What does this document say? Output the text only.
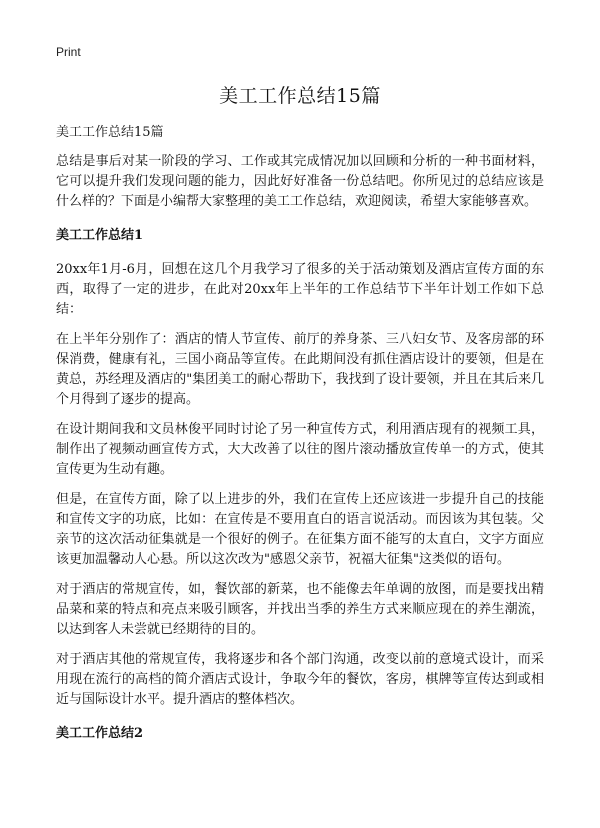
Print

美工工作总结15篇

美工工作总结15篇

总结是事后对某一阶段的学习、工作或其完成情况加以回顾和分析的一种书面材料，它可以提升我们发现问题的能力，因此好好准备一份总结吧。你所见过的总结应该是什么样的？下面是小编帮大家整理的美工工作总结，欢迎阅读，希望大家能够喜欢。

美工工作总结1

20xx年1月-6月，回想在这几个月我学习了很多的关于活动策划及酒店宣传方面的东西，取得了一定的进步，在此对20xx年上半年的工作总结节下半年计划工作如下总结：

在上半年分别作了：酒店的情人节宣传、前厅的养身茶、三八妇女节、及客房部的环保消费，健康有礼，三国小商品等宣传。在此期间没有抓住酒店设计的要领，但是在黄总，苏经理及酒店的"集团美工的耐心帮助下，我找到了设计要领，并且在其后来几个月得到了逐步的提高。

在设计期间我和文员林俊平同时讨论了另一种宣传方式，利用酒店现有的视频工具，制作出了视频动画宣传方式，大大改善了以往的图片滚动播放宣传单一的方式，使其宣传更为生动有趣。

但是，在宣传方面，除了以上进步的外，我们在宣传上还应该进一步提升自己的技能和宣传文字的功底，比如：在宣传是不要用直白的语言说活动。而因该为其包装。父亲节的这次活动征集就是一个很好的例子。在征集方面不能写的太直白，文字方面应该更加温馨动人心悬。所以这次改为"感恩父亲节，祝福大征集"这类似的语句。

对于酒店的常规宣传，如，餐饮部的新菜，也不能像去年单调的放图，而是要找出精品菜和菜的特点和亮点来吸引顾客，并找出当季的养生方式来顺应现在的养生潮流，以达到客人未尝就已经期待的目的。

对于酒店其他的常规宣传，我将逐步和各个部门沟通，改变以前的意境式设计，而采用现在流行的高档的简介酒店式设计，争取今年的餐饮，客房，棋牌等宣传达到或相近与国际设计水平。提升酒店的整体档次。

美工工作总结2
